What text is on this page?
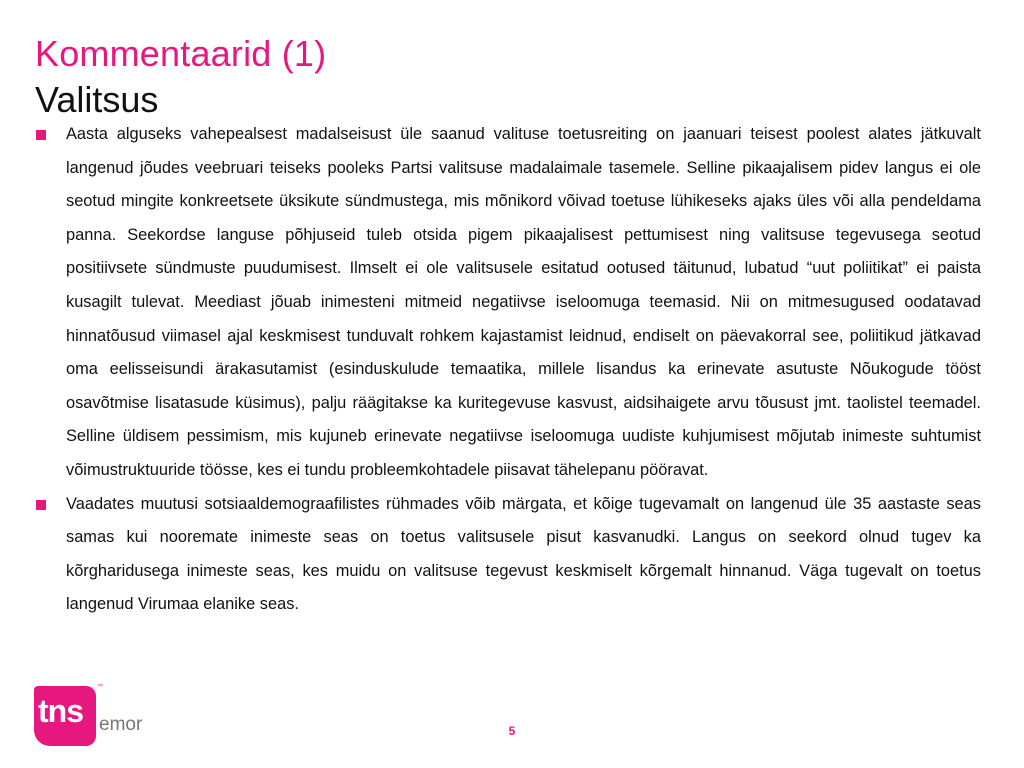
Kommentaarid (1)
Valitsus
Aasta alguseks vahepealsest madalseisust üle saanud valituse toetusreiting on jaanuari teisest poolest alates jätkuvalt langenud jõudes veebruari teiseks pooleks Partsi valitsuse madalaimale tasemele. Selline pikaajalisem pidev langus ei ole seotud mingite konkreetsete üksikute sündmustega, mis mõnikord võivad toetuse lühikeseks ajaks üles või alla pendeldama panna. Seekordse languse põhjuseid tuleb otsida pigem pikaajalisest pettumisest ning valitsuse tegevusega seotud positiivsete sündmuste puudumisest. Ilmselt ei ole valitsusele esitatud ootused täitunud, lubatud “uut poliitikat” ei paista kusagilt tulevat. Meediast jõuab inimesteni mitmeid negatiivse iseloomuga teemasid. Nii on mitmesugused oodatavad hinnatõusud viimasel ajal keskmisest tunduvalt rohkem kajastamist leidnud, endiselt on päevakorral see, poliitikud jätkavad oma eelisseisundi ärakasutamist (esinduskulude temaatika, millele lisandus ka erinevate asutuste Nõukogude tööst osavõtmise lisatasude küsimus), palju räägitakse ka kuritegevuse kasvust, aidsihaigete arvu tõusust jmt. taolistel teemadel. Selline üldisem pessimism, mis kujuneb erinevate negatiivse iseloomuga uudiste kuhjumisest mõjutab inimeste suhtumist võimustruktuuride töösse, kes ei tundu probleemkohtadele piisavat tähelepanu pööravat.
Vaadates muutusi sotsiaaldemograafilistes rühmades võib märgata, et kõige tugevamalt on langenud üle 35 aastaste seas samas kui nooremate inimeste seas on toetus valitsusele pisut kasvanudki. Langus on seekord olnud tugev ka kõrgharidusega inimeste seas, kes muidu on valitsuse tegevust keskmiselt kõrgemalt hinnanud. Väga tugevalt on toetus langenud Virumaa elanike seas.
tns
™
emor	5
